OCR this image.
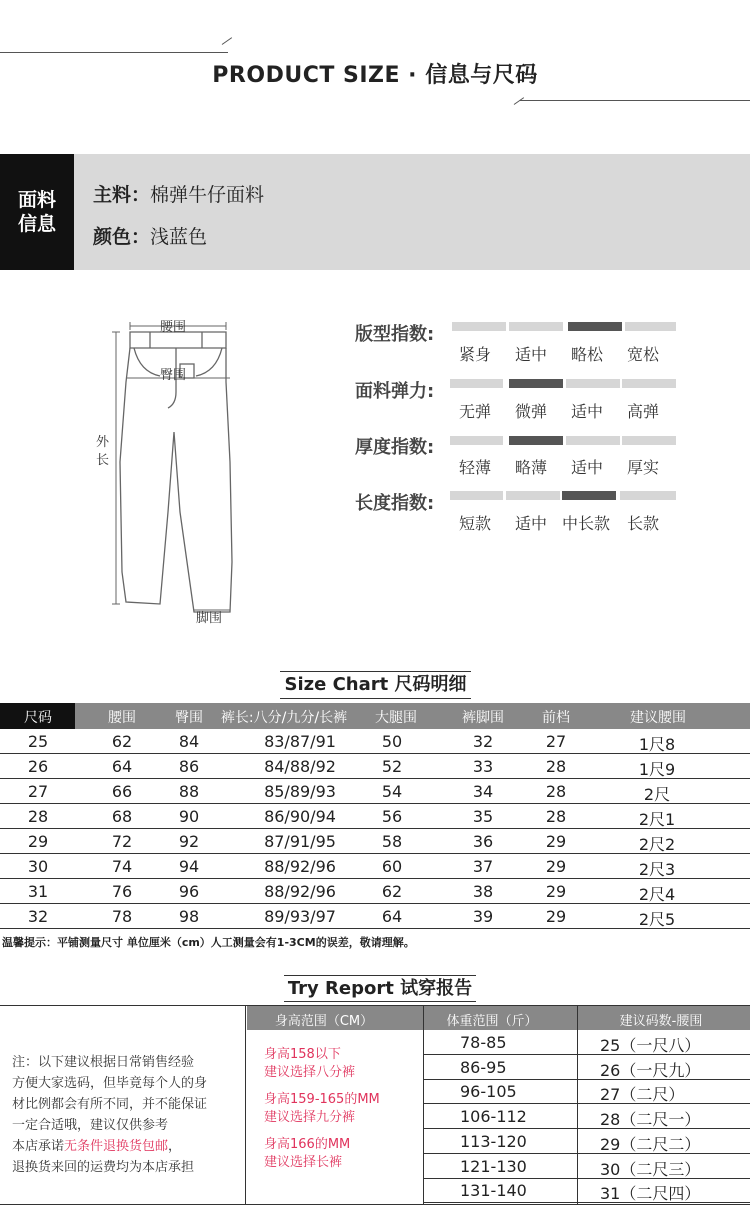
PRODUCT SIZE · 信息与尺码
面料
信息
主料：棉弹牛仔面料
颜色：浅蓝色
腰围
臀围
外长
脚围
版型指数:
紧身 适中 略松 宽松
面料弹力:
无弹 微弹 适中 高弹
厚度指数:
轻薄 略薄 适中 厚实
长度指数:
短款 适中 中长款 长款
Size Chart 尺码明细
尺码	腰围	臀围 裤长:八分/九分/长裤 大腿围	裤脚围	前档	建议腰围
25	62	84	83/87/91	50	32	27	1尺8
26	64	86	84/88/92	52	33	28	1尺9
27	66	88	85/89/93	54	34	28	2尺
28	68	90	86/90/94	56	35	28	2尺1
29	72	92	87/91/95	58	36	29	2尺2
30	74	94	88/92/96	60	37	29	2尺3
31	76	96	88/92/96	62	38	29	2尺4
32	78	98	89/93/97	64	39	29	2尺5
温馨提示：平铺测量尺寸 单位厘米（cm）人工测量会有1-3CM的误差，敬请理解。
Try Report 试穿报告
注：以下建议根据日常销售经验
方便大家选码，但毕竟每个人的身
材比例都会有所不同，并不能保证
一定合适哦，建议仅供参考
本店承诺无条件退换货包邮，
退换货来回的运费均为本店承担
身高范围（CM）	体重范围（斤）	建议码数-腰围
身高158以下
建议选择八分裤
身高159-165的MM
建议选择九分裤
身高166的MM
建议选择长裤
78-85	25（一尺八）
86-95	26（一尺九）
96-105	27（二尺）
106-112	28（二尺一）
113-120	29（二尺二）
121-130	30（二尺三）
131-140	31（二尺四）
